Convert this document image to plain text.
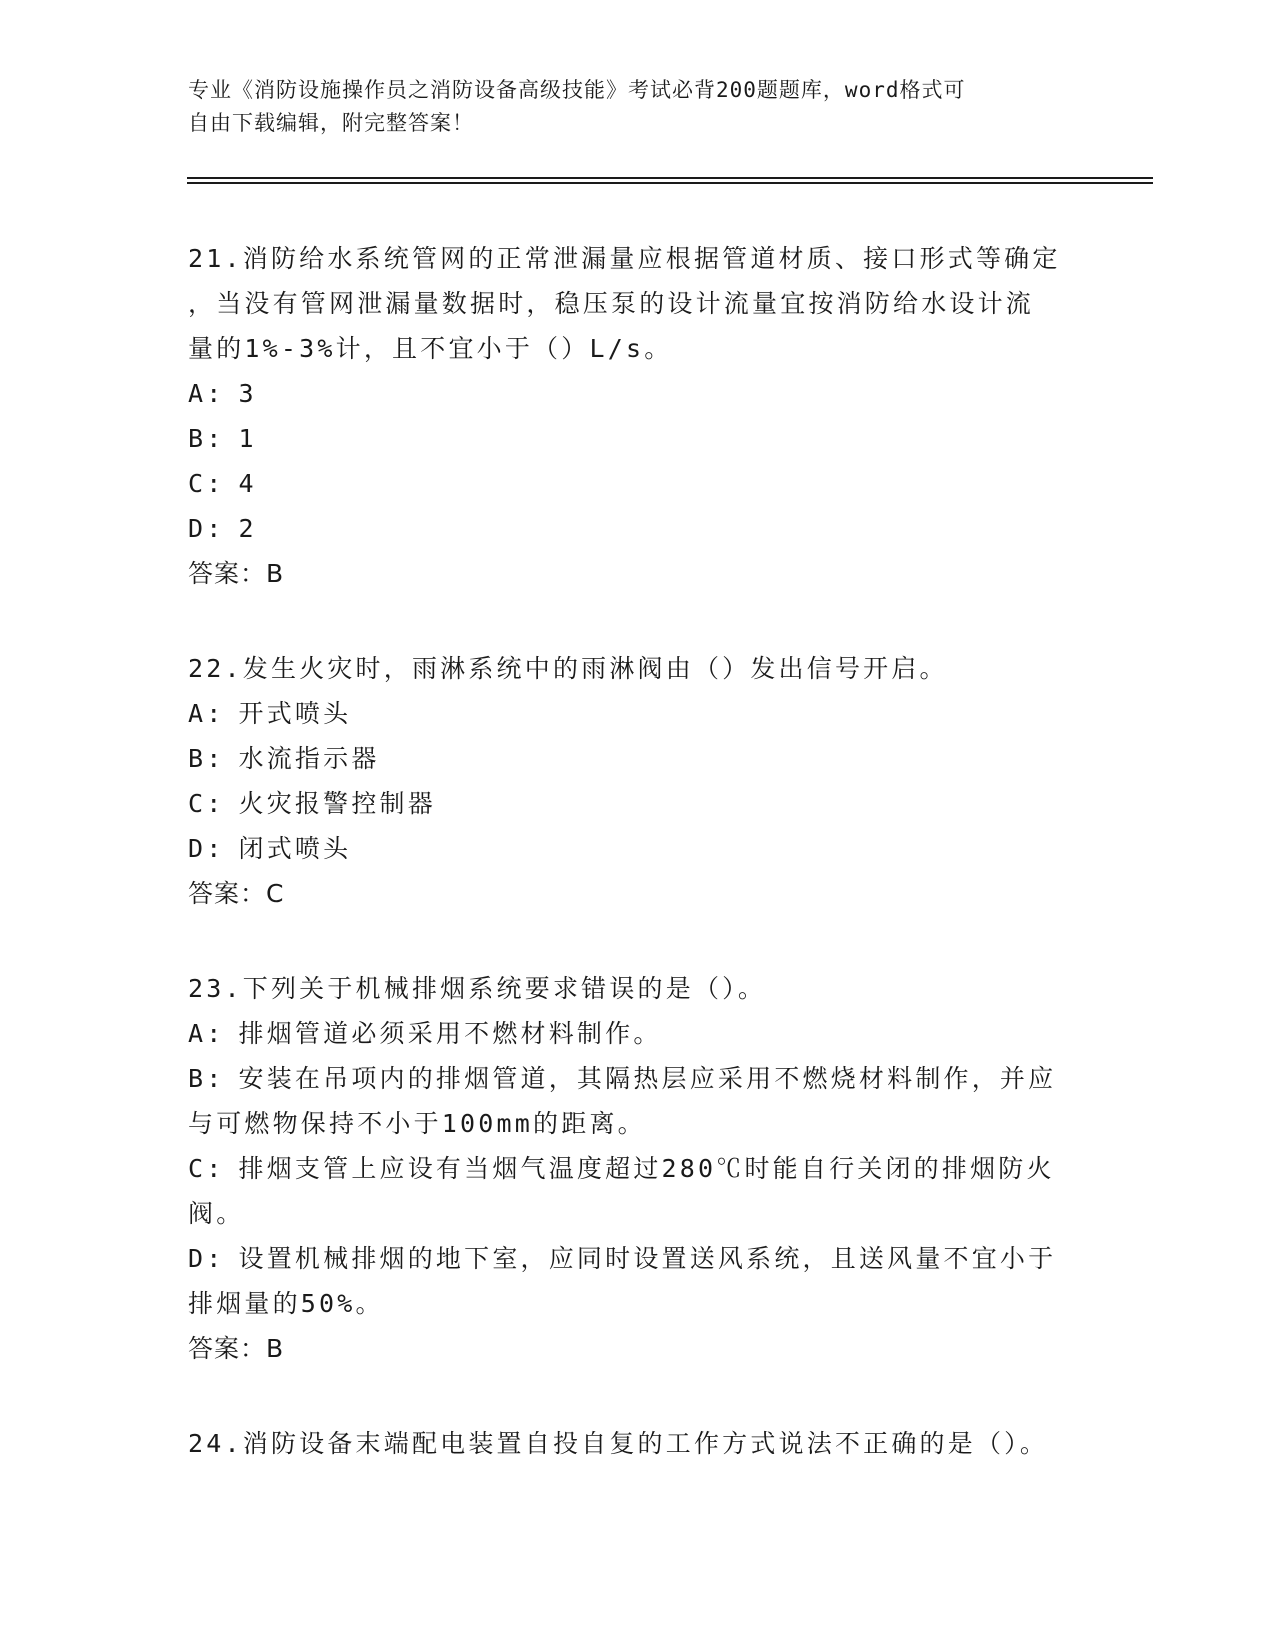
专业《消防设施操作员之消防设备高级技能》考试必背200题题库，word格式可
自由下载编辑，附完整答案！
21.消防给水系统管网的正常泄漏量应根据管道材质、接口形式等确定
，当没有管网泄漏量数据时，稳压泵的设计流量宜按消防给水设计流
量的1%-3%计，且不宜小于（）L/s。
A: 3
B: 1
C: 4
D: 2
答案：B
22.发生火灾时，雨淋系统中的雨淋阀由（）发出信号开启。
A: 开式喷头
B: 水流指示器
C: 火灾报警控制器
D: 闭式喷头
答案：C
23.下列关于机械排烟系统要求错误的是（）。
A: 排烟管道必须采用不燃材料制作。
B: 安装在吊项内的排烟管道，其隔热层应采用不燃烧材料制作，并应
与可燃物保持不小于100mm的距离。
C: 排烟支管上应设有当烟气温度超过280℃时能自行关闭的排烟防火
阀。
D: 设置机械排烟的地下室，应同时设置送风系统，且送风量不宜小于
排烟量的50%。
答案：B
24.消防设备末端配电装置自投自复的工作方式说法不正确的是（）。
